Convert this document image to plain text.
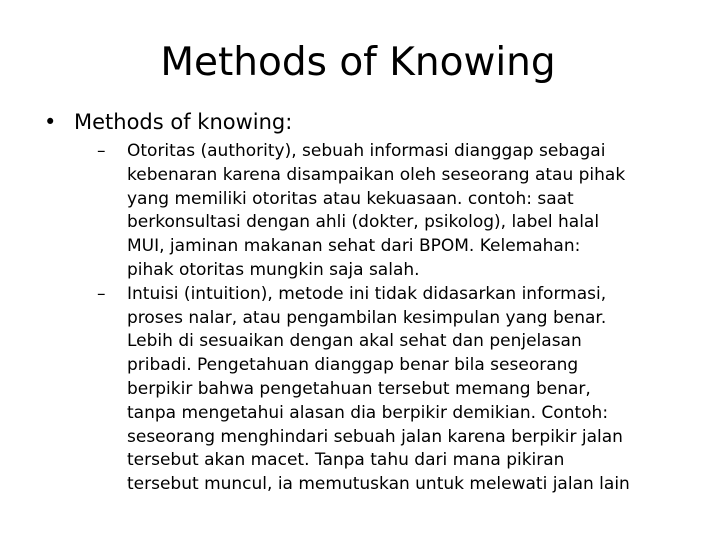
Methods of Knowing
• Methods of knowing:
– Otoritas (authority), sebuah informasi dianggap sebagai
kebenaran karena disampaikan oleh seseorang atau pihak
yang memiliki otoritas atau kekuasaan. contoh: saat
berkonsultasi dengan ahli (dokter, psikolog), label halal
MUI, jaminan makanan sehat dari BPOM. Kelemahan:
pihak otoritas mungkin saja salah.
– Intuisi (intuition), metode ini tidak didasarkan informasi,
proses nalar, atau pengambilan kesimpulan yang benar.
Lebih di sesuaikan dengan akal sehat dan penjelasan
pribadi. Pengetahuan dianggap benar bila seseorang
berpikir bahwa pengetahuan tersebut memang benar,
tanpa mengetahui alasan dia berpikir demikian. Contoh:
seseorang menghindari sebuah jalan karena berpikir jalan
tersebut akan macet. Tanpa tahu dari mana pikiran
tersebut muncul, ia memutuskan untuk melewati jalan lain
